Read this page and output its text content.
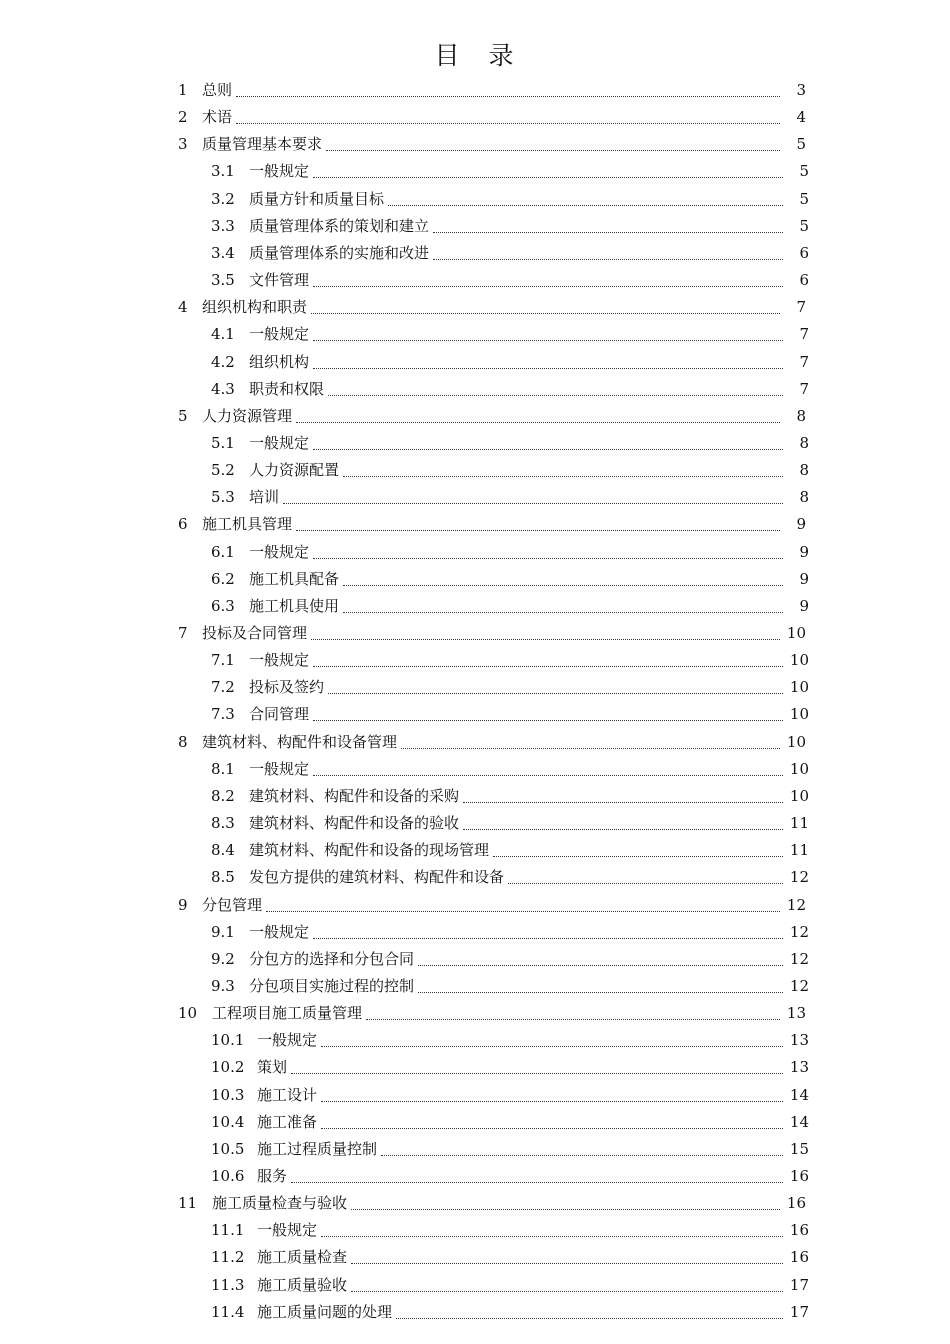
目　录
1 总则	3
2 术语	4
3 质量管理基本要求	5
3.1 一般规定	5
3.2 质量方针和质量目标	5
3.3 质量管理体系的策划和建立	5
3.4 质量管理体系的实施和改进	6
3.5 文件管理	6
4 组织机构和职责	7
4.1 一般规定	7
4.2 组织机构	7
4.3 职责和权限	7
5 人力资源管理	8
5.1 一般规定	8
5.2 人力资源配置	8
5.3 培训	8
6 施工机具管理	9
6.1 一般规定	9
6.2 施工机具配备	9
6.3 施工机具使用	9
7 投标及合同管理	10
7.1 一般规定	10
7.2 投标及签约	10
7.3 合同管理	10
8 建筑材料、构配件和设备管理	10
8.1 一般规定	10
8.2 建筑材料、构配件和设备的采购	10
8.3 建筑材料、构配件和设备的验收	11
8.4 建筑材料、构配件和设备的现场管理	11
8.5 发包方提供的建筑材料、构配件和设备	12
9 分包管理	12
9.1 一般规定	12
9.2 分包方的选择和分包合同	12
9.3 分包项目实施过程的控制	12
10 工程项目施工质量管理	13
10.1 一般规定	13
10.2 策划	13
10.3 施工设计	14
10.4 施工准备	14
10.5 施工过程质量控制	15
10.6 服务	16
11 施工质量检查与验收	16
11.1 一般规定	16
11.2 施工质量检查	16
11.3 施工质量验收	17
11.4 施工质量问题的处理	17
